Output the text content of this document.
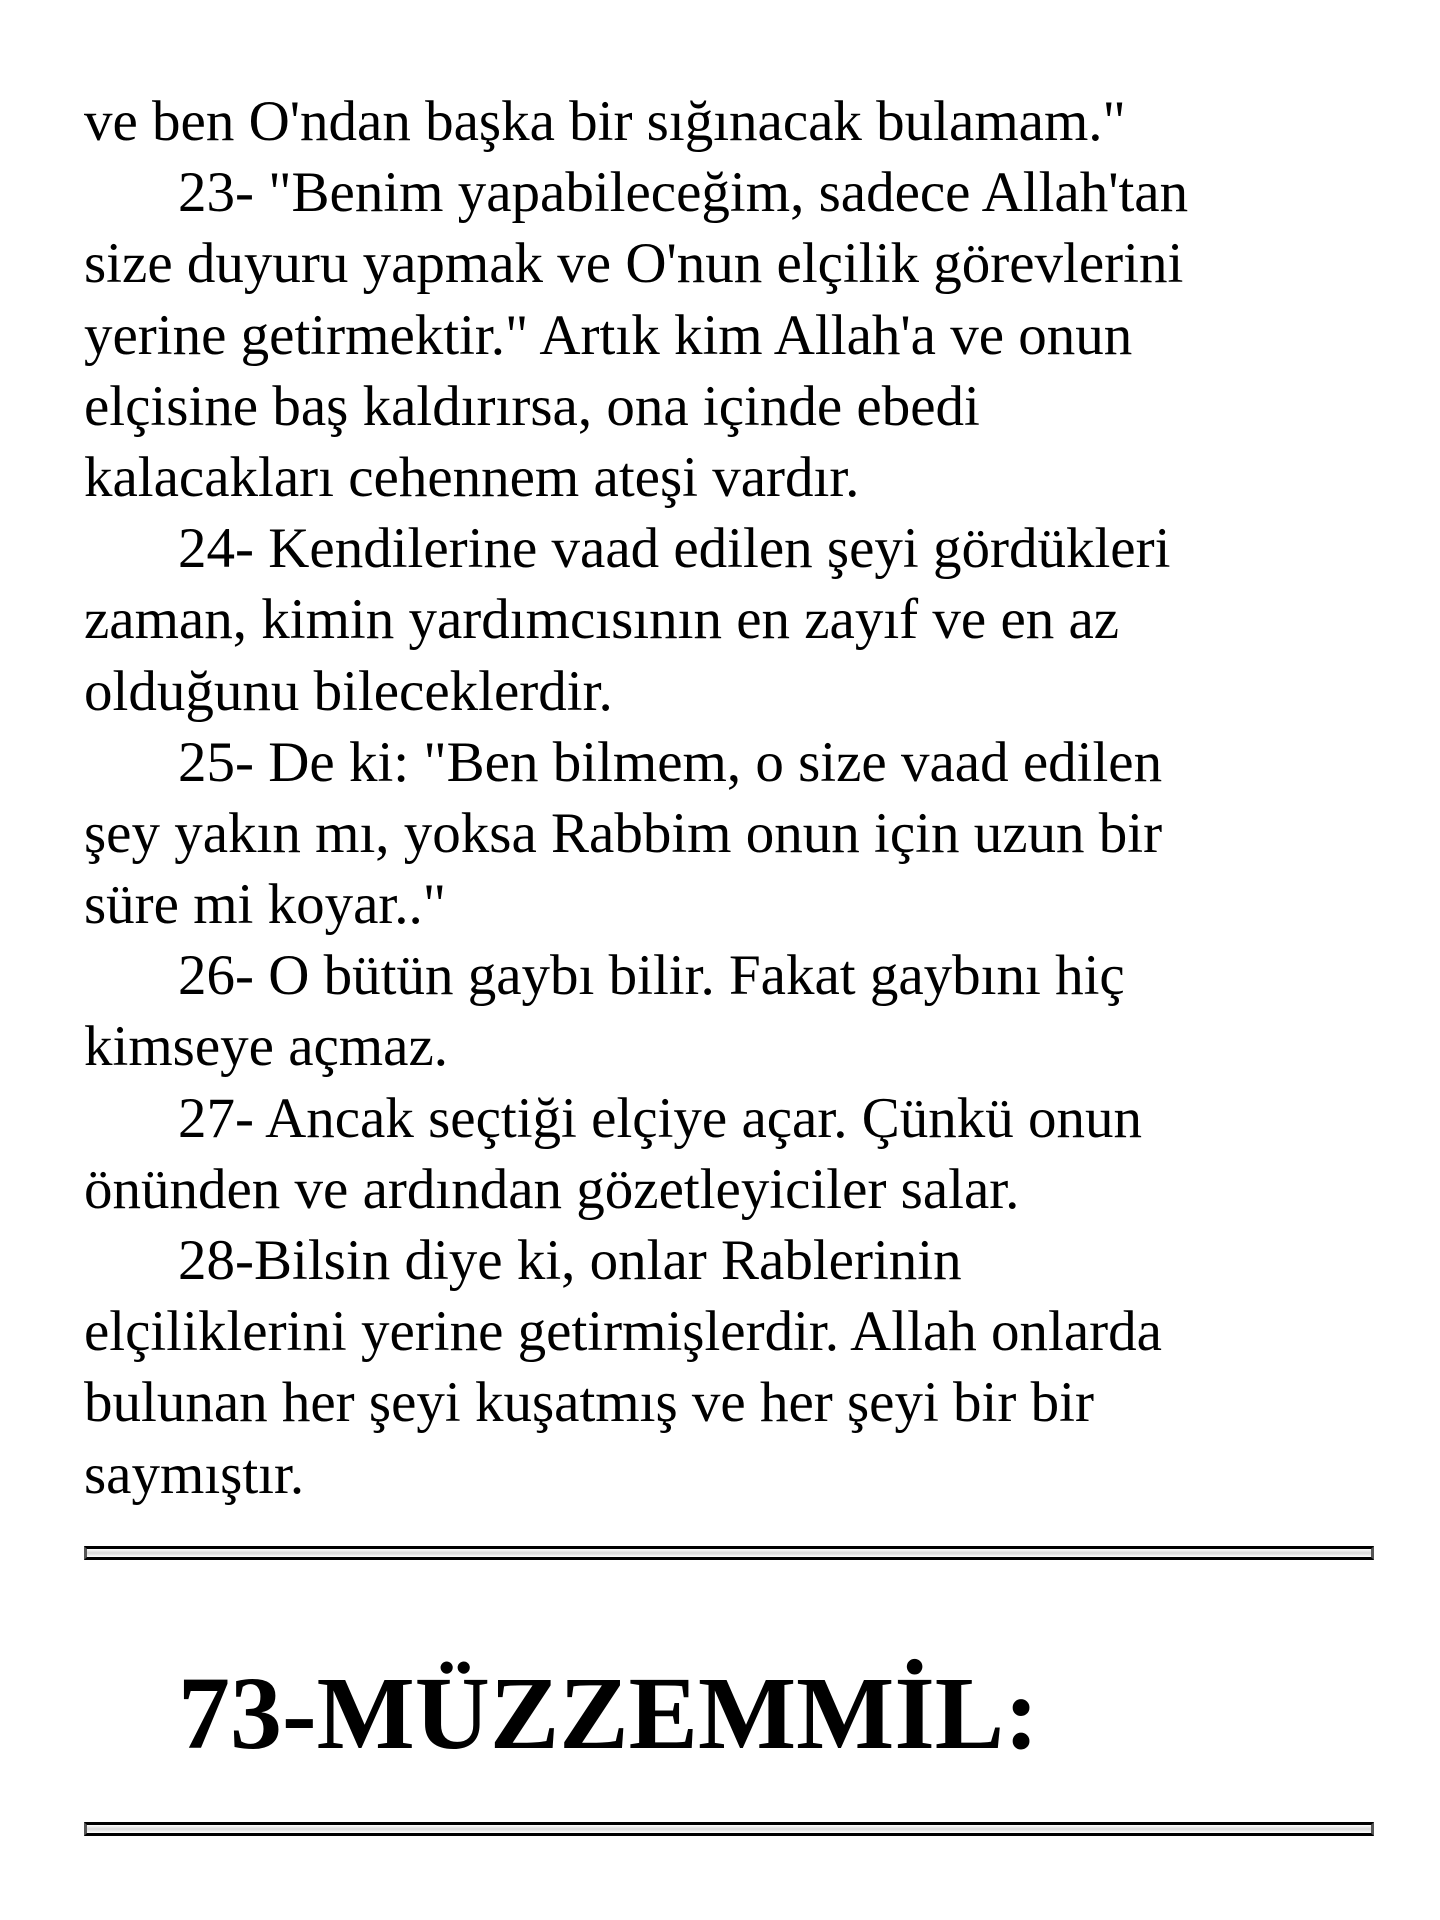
ve ben O'ndan başka bir sığınacak bulamam."
23- "Benim yapabileceğim, sadece Allah'tan
size duyuru yapmak ve O'nun elçilik görevlerini
yerine getirmektir." Artık kim Allah'a ve onun
elçisine baş kaldırırsa, ona içinde ebedi
kalacakları cehennem ateşi vardır.
24- Kendilerine vaad edilen şeyi gördükleri
zaman, kimin yardımcısının en zayıf ve en az
olduğunu bileceklerdir.
25- De ki: "Ben bilmem, o size vaad edilen
şey yakın mı, yoksa Rabbim onun için uzun bir
süre mi koyar.."
26- O bütün gaybı bilir. Fakat gaybını hiç
kimseye açmaz.
27- Ancak seçtiği elçiye açar. Çünkü onun
önünden ve ardından gözetleyiciler salar.
28-Bilsin diye ki, onlar Rablerinin
elçiliklerini yerine getirmişlerdir. Allah onlarda
bulunan her şeyi kuşatmış ve her şeyi bir bir
saymıştır.
73-MÜZZEMMİL:
